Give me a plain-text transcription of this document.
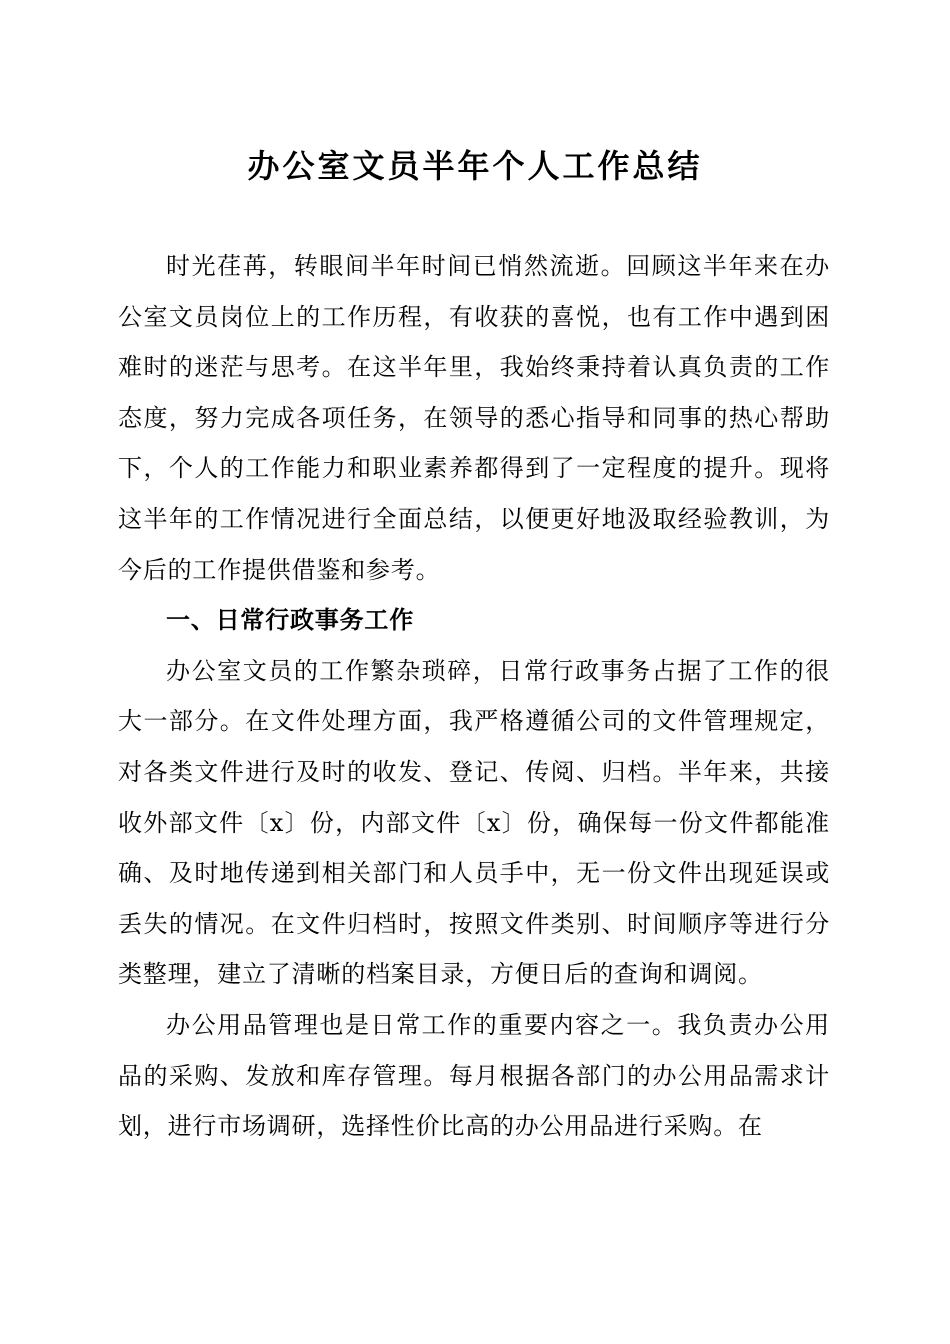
办公室文员半年个人工作总结

时光荏苒，转眼间半年时间已悄然流逝。回顾这半年来在办公室文员岗位上的工作历程，有收获的喜悦，也有工作中遇到困难时的迷茫与思考。在这半年里，我始终秉持着认真负责的工作态度，努力完成各项任务，在领导的悉心指导和同事的热心帮助下，个人的工作能力和职业素养都得到了一定程度的提升。现将这半年的工作情况进行全面总结，以便更好地汲取经验教训，为今后的工作提供借鉴和参考。

一、日常行政事务工作

办公室文员的工作繁杂琐碎，日常行政事务占据了工作的很大一部分。在文件处理方面，我严格遵循公司的文件管理规定，对各类文件进行及时的收发、登记、传阅、归档。半年来，共接收外部文件〔x〕份，内部文件〔x〕份，确保每一份文件都能准确、及时地传递到相关部门和人员手中，无一份文件出现延误或丢失的情况。在文件归档时，按照文件类别、时间顺序等进行分类整理，建立了清晰的档案目录，方便日后的查询和调阅。

办公用品管理也是日常工作的重要内容之一。我负责办公用品的采购、发放和库存管理。每月根据各部门的办公用品需求计划，进行市场调研，选择性价比高的办公用品进行采购。在
